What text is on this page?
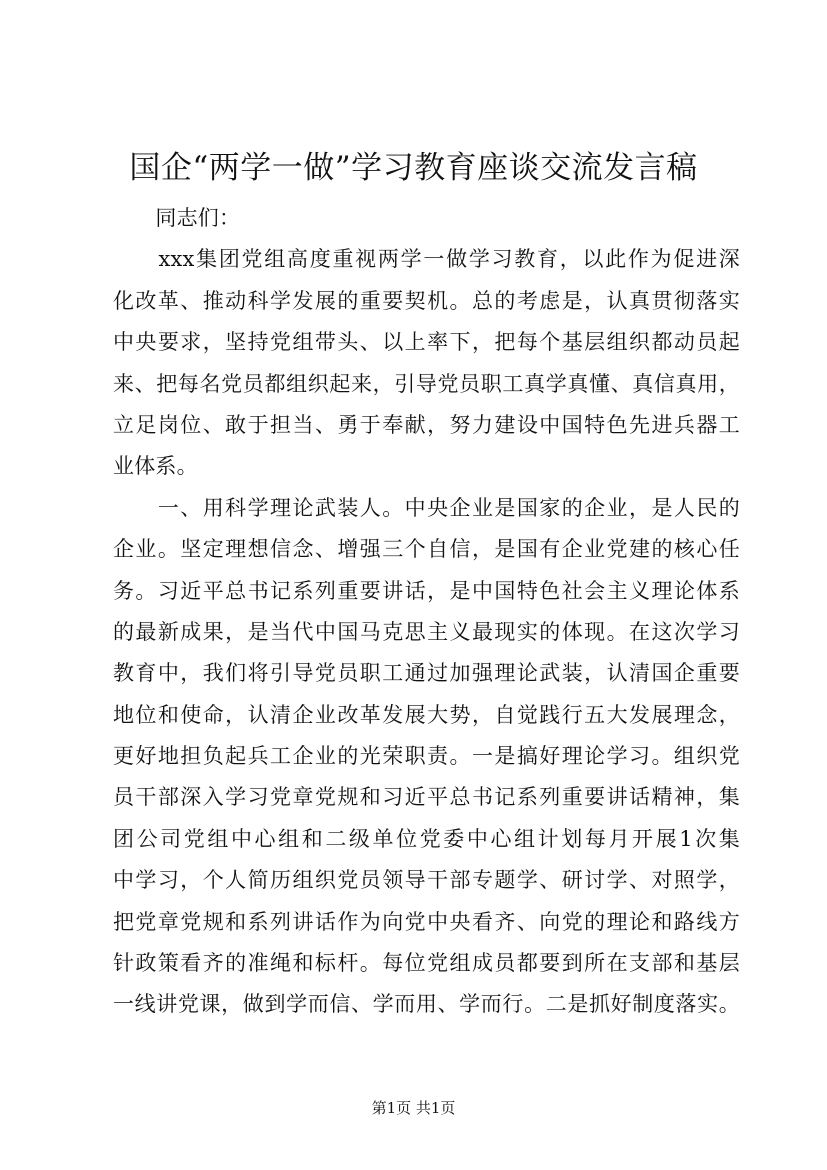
国企“两学一做”学习教育座谈交流发言稿
　　同志们：
　　xxx集团党组高度重视两学一做学习教育，以此作为促进深
化改革、推动科学发展的重要契机。总的考虑是，认真贯彻落实
中央要求，坚持党组带头、以上率下，把每个基层组织都动员起
来、把每名党员都组织起来，引导党员职工真学真懂、真信真用，
立足岗位、敢于担当、勇于奉献，努力建设中国特色先进兵器工
业体系。
　　一、用科学理论武装人。中央企业是国家的企业，是人民的
企业。坚定理想信念、增强三个自信，是国有企业党建的核心任
务。习近平总书记系列重要讲话，是中国特色社会主义理论体系
的最新成果，是当代中国马克思主义最现实的体现。在这次学习
教育中，我们将引导党员职工通过加强理论武装，认清国企重要
地位和使命，认清企业改革发展大势，自觉践行五大发展理念，
更好地担负起兵工企业的光荣职责。一是搞好理论学习。组织党
员干部深入学习党章党规和习近平总书记系列重要讲话精神，集
团公司党组中心组和二级单位党委中心组计划每月开展1次集
中学习，个人简历组织党员领导干部专题学、研讨学、对照学，
把党章党规和系列讲话作为向党中央看齐、向党的理论和路线方
针政策看齐的准绳和标杆。每位党组成员都要到所在支部和基层
一线讲党课，做到学而信、学而用、学而行。二是抓好制度落实。
第1页 共1页
